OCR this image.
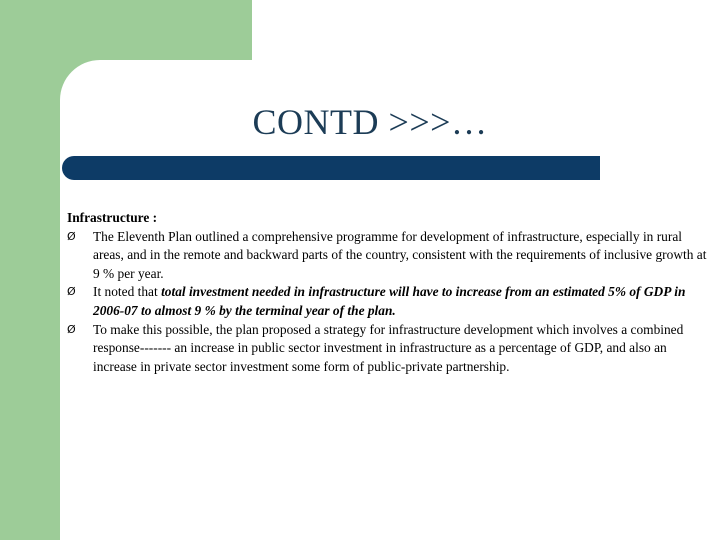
CONTD >>>…

Infrastructure :

Ø	The Eleventh Plan outlined a comprehensive programme for development of infrastructure, especially in rural areas, and in the remote and backward parts of the country, consistent with the requirements of inclusive growth at 9 % per year.
Ø	It noted that total investment needed in infrastructure will have to increase from an estimated 5% of GDP in 2006-07 to almost 9 % by the terminal year of the plan.
Ø	To make this possible, the plan proposed a strategy for infrastructure development which involves a combined response------- an increase in public sector investment in infrastructure as a percentage of GDP, and also an increase in private sector investment some form of public-private partnership.
